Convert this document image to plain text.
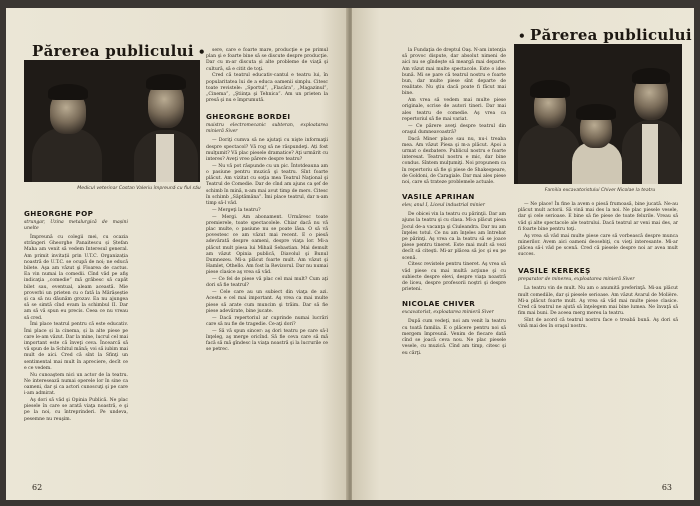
Părerea publicului •
Medicul veterinar Costan Valeriu împreună cu fiul său
GHEORGHE POP
strungar, Uzina metalurgică de mașini unelte

Împreună cu colegii mei, cu ocazia strângeri Gheorghe Panaitescu și Ștefan Maha am venit să vedem Interesul general. Am primit invitații prin U.T.C. Organizația noastră de U.T.C. se ocupă de noi; ne educă bilete. Aşa am văzut şi Floarea de cactus. Ea vin numai la comedii. Cînd văd pe afiş indicaţia „comedie” mă grăbesc să capăt bilet sau, eventual, aleam această. Mie proverbi un prieten cu o fată la Mărășeștie și ca să nu dăunăm grozav. Ea nu ajungea să se simtă cînd evam la schimbul II. Dar am să vă spun eu precis. Ceea ce nu vreau să cred.

Îmi place teatrul pentru că este educativ. Îmi place și la cinema, și la alte piese pe care le-am văzut. Dar la mine, lucrul cel mai important este că înveţi ceva. Încearcă să vă spun de la Schitul mănă; voi să iubim mai mult de aici. Cred că sînt la Sfinţi un sentimental mai mult în apreciere, decît ce e ce vedem.

Nu cunoaştem nici un actor de la teatru. Ne interesează numai operele lor în sine ca oameni, dar şi ca actori cunoscuţi şi pe care i-am admirat.

Aş dori să văd şi Opinia Publică. Ne plac piesele în care se arată viaţa noastră, e şi pe la noi, cu întreprinderi. Pe undeva, pesemne nu reuşim.

sere, care e foarte mare, producţie e pe primul plan şi e foarte bine să se discute despre producţie. Dar cu m-ar discuta și alte probleme de viaţă şi cultură, să e citit de toţi.

Cred că teatrul educativ-cantul e teatru lui, în popularitatea lui de a educa oamenii simplu. Citesc toate revistele: „Sportul”, „Flacăra”, „Magazinul”, „Cinema”, „Ştiinţa şi Tehnica”. Am un prieten la presă şi nu e împrumută.

GHEORGHE BORDEI
maistru electromecanic subteran, exploatarea minieră Siver

— Doriţi cumva să ne ajutaţi cu nişte informaţii despre spectacol? Vă rog să ne răspundeţi. Ați fost mulţumit? Vă plac piesele dramatice? Aţi urmărit cu interes? Aveţi vreo părere despre teatru?

— Nu vă pot răspunde cu un pic. Întotdeauna am o pasiune pentru muzică şi teatru. Sînt foarte plăcut. Am vizitat cu soţia mea Teatrul Naţional şi Teatrul de Comedie. Dar de cînd am ajuns ca şef de schimb în mină, n-am mai avut timp de mers. Citesc în schimb „Săptămâna”. Îmi place teatrul, dar n-am timp să-l văd.

— Mergeţi la teatru?

— Mergi. Am abonament. Urmăresc toate premierele, toate spectacolele. Chiar dacă nu vă plac multe, o pasiune nu se poate lăsa. O să vă povestesc ce am văzut mai recent. E o piesă adevărată despre oameni, despre viaţa lor. Mi-a plăcut mult piesa lui Mihail Sebastian. Mai demult am văzut Opinia publică, Diavolul şi Bunul Dumnezeu. Mi-a plăcut foarte mult. Am văzut şi Hamlet, Othello. Am fost la Revizorul. Dar nu numai piese clasice aş vrea să văd.

— Ce fel de piese vă plac cel mai mult? Cum aţi dori să fie teatrul?

— Cele care au un subiect din viaţa de azi. Acesta e cel mai important. Aş vrea ca mai multe piese să arate cum muncim şi trăim. Dar să fie piese adevărate, bine jucate.

— Dacă repertoriul ar cuprinde numai lucrări care să nu fie de tragedie. Ce-aţi dori?

— Să vă spun sincer: aş dori teatru pe care să-l înţeleg, aş merge oricînd. Să fie ceva care să mă facă să mă gîndesc la viaţa noastră şi la lucrurile ce se petrec.

62
• Părerea publicului
Familia excavatoristului Chiver Nicolae la teatru

la Fundaţia de dreptul Oaş. N-am intenţia să provoc dispute, dar absolut nimeni de aici nu se gîndeşte să meargă mai departe. Am văzut mai multe spectacole. Este o idee bună. Mi se pare că teatrul nostru e foarte bun, dar multe piese sînt departe de realitate. Nu ştiu dacă poate fi făcut mai bine.

Am vrea să vedem mai multe piese originale, scrise de autori tineri. Dar mai ales teatru de comedie. Aş vrea ca repertoriul să fie mai variat.

— Ce părere aveţi despre teatrul din oraşul dumneavoastră?

Dacă Miner place sau nu, nu-i treaba mea. Am văzut Piesa şi m-a plăcut. Apoi a urmat o dezbatere. Publicul nostru e foarte interesat. Teatrul nostru e mic, dar bine condus. Sîntem mulţumiţi. Noi propunem ca în repertoriu să fie şi piese de Shakespeare, de Goldoni, de Caragiale. Dar mai ales piese noi, care să trateze problemele actuale.

VASILE APRIHAN
elev, anul I, Liceul industrial minier

De obicei vin la teatru cu părinţii. Dar am ajuns la teatru şi cu clasa. Mi-a plăcut piesa Jocul de-a vacanţa şi Ciuleandra. Dar nu am înţeles totul. Ce nu am înţeles am întrebat pe părinţi. Aş vrea ca la teatru să se joace piese pentru tineret. Este mai mult să vezi decît să citeşti. Mi-ar plăcea să joc şi eu pe scenă.

Citesc revistele pentru tineret. Aş vrea să văd piese cu mai multă acţiune şi cu subiecte despre elevi, despre viaţa noastră de liceu, despre profesorii noştri şi despre prieteni.

NICOLAE CHIVER
excavatorist, exploatarea minieră Siver

După cum vedeţi, noi am venit la teatru cu toată familia. E o plăcere pentru noi să mergem împreună. Venim de fiecare dată cînd se joacă ceva nou. Ne plac piesele vesele, cu muzică. Cînd am timp, citesc şi eu cărţi.

— Ne place! În fine la avem o piesă frumoasă, bine jucată. Ne-au plăcut mult actorii. Să vină mai des la noi. Ne plac piesele vesele, dar şi cele serioase. E bine să fie piese de toate felurile. Vreau să văd şi alte spectacole ale teatrului. Dacă teatrul ar veni mai des, ar fi foarte bine pentru toţi.

Aş vrea să văd mai multe piese care să vorbească despre munca minerilor. Avem aici oameni deosebiţi, cu vieţi interesante. Mi-ar plăcea să-i văd pe scenă. Cred că piesele despre noi ar avea mult succes.

VASILE KEREKEȘ
preparator de minereu, exploatarea minieră Siver

La teatru vin de mult. Nu am o anumită preferinţă. Mi-au plăcut mult comediile, dar şi piesele serioase. Am văzut Avarul de Molière. Mi-a plăcut foarte mult. Aş vrea să văd mai multe piese clasice. Cred că teatrul ne ajută să înţelegem mai bine lumea. Ne învaţă să fim mai buni. De aceea merg mereu la teatru.

Sînt de acord că teatrul nostru face o treabă bună. Aş dori să vină mai des în oraşul nostru.

63
